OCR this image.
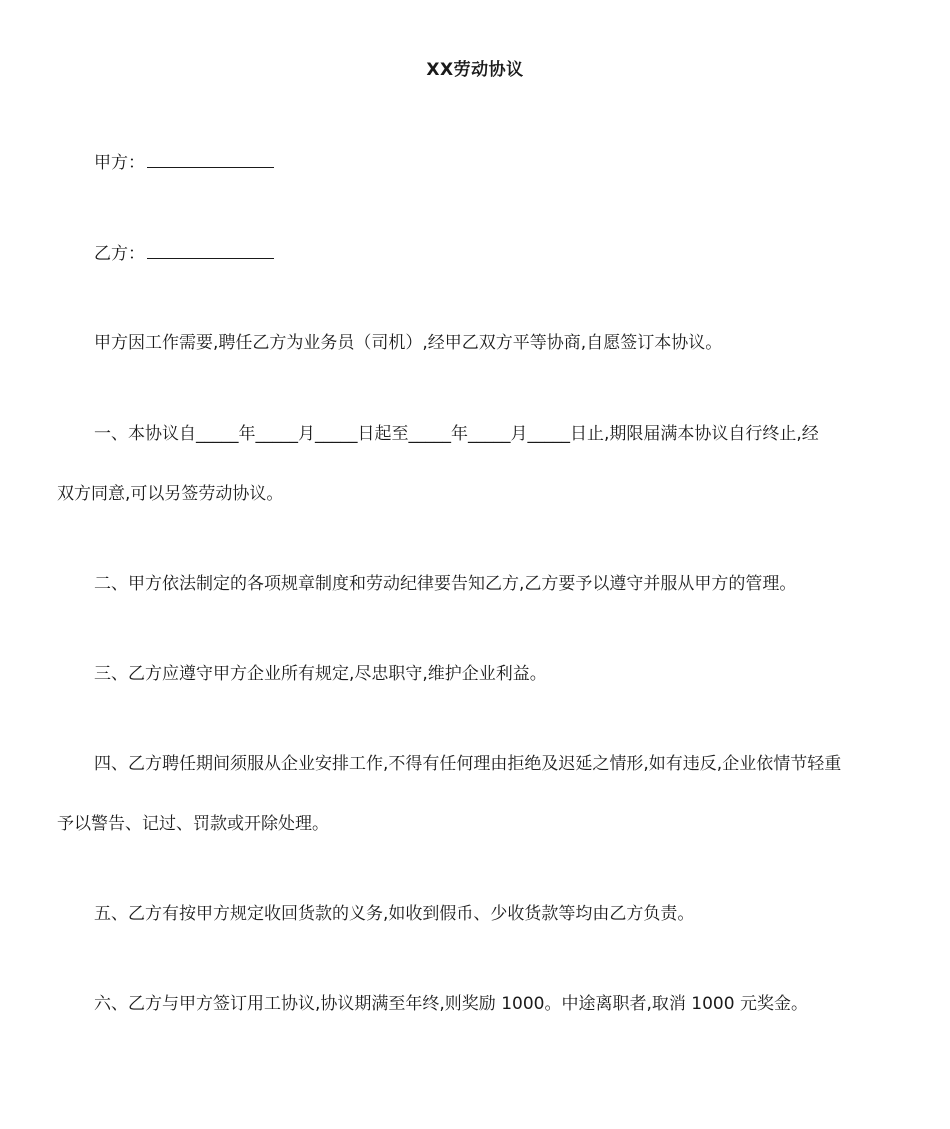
XX劳动协议
甲方：
乙方：
甲方因工作需要,聘任乙方为业务员（司机）,经甲乙双方平等协商,自愿签订本协议。
一、本协议自_____年_____月_____日起至_____年_____月_____日止,期限届满本协议自行终止,经
双方同意,可以另签劳动协议。
二、甲方依法制定的各项规章制度和劳动纪律要告知乙方,乙方要予以遵守并服从甲方的管理。
三、乙方应遵守甲方企业所有规定,尽忠职守,维护企业利益。
四、乙方聘任期间须服从企业安排工作,不得有任何理由拒绝及迟延之情形,如有违反,企业依情节轻重
予以警告、记过、罚款或开除处理。
五、乙方有按甲方规定收回货款的义务,如收到假币、少收货款等均由乙方负责。
六、乙方与甲方签订用工协议,协议期满至年终,则奖励 1000。中途离职者,取消 1000 元奖金。
